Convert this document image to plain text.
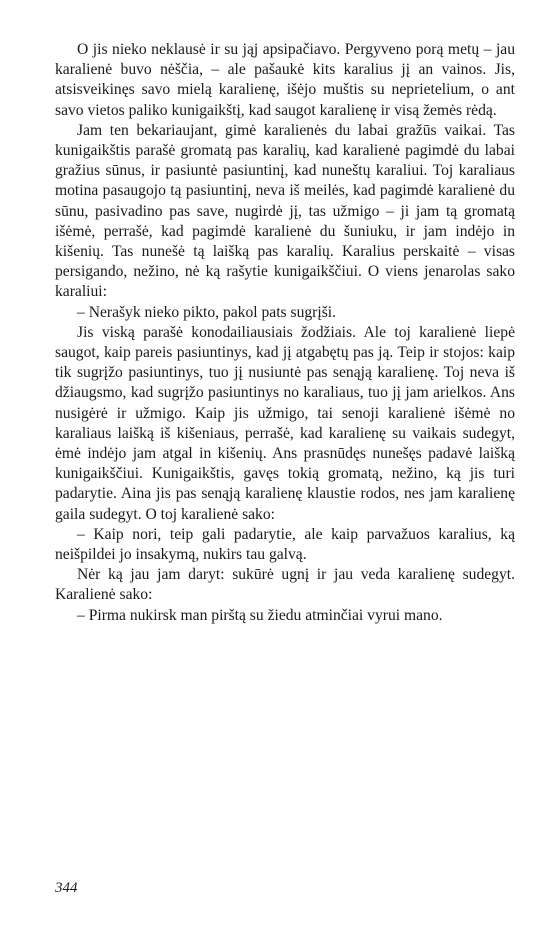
O jis nieko neklausė ir su jąj apsipačiavo. Pergyveno porą metų – jau karalienė buvo nėščia, – ale pašaukė kits karalius jį an vainos. Jis, atsisveikinęs savo mielą karalienę, išėjo muštis su neprietelium, o ant savo vietos paliko kunigaikštį, kad saugot karalienę ir visą žemės rėdą.

Jam ten bekariaujant, gimė karalienės du labai gražūs vaikai. Tas kunigaikštis parašė gromatą pas karalių, kad karalienė pagimdė du labai gražius sūnus, ir pasiuntė pasiuntinį, kad nuneštų karaliui. Toj karaliaus motina pasaugojo tą pasiuntinį, neva iš meilės, kad pagimdė karalienė du sūnu, pasivadino pas save, nugirdė jį, tas užmigo – ji jam tą gromatą išėmė, perrašė, kad pagimdė karalienė du šuniuku, ir jam indėjo in kišenių. Tas nunešė tą laišką pas karalių. Karalius perskaitė – visas persigando, nežino, nė ką rašytie kunigaikščiui. O viens jenarolas sako karaliui:

– Nerašyk nieko pikto, pakol pats sugrįši.

Jis viską parašė konodailiausiais žodžiais. Ale toj karalienė liepė saugot, kaip pareis pasiuntinys, kad jį atgabętų pas ją. Teip ir stojos: kaip tik sugrįžo pasiuntinys, tuo jį nusiuntė pas senąją karalienę. Toj neva iš džiaugsmo, kad sugrįžo pasiuntinys no karaliaus, tuo jį jam arielkos. Ans nusigėrė ir užmigo. Kaip jis užmigo, tai senoji karalienė išėmė no karaliaus laišką iš kišeniaus, perrašė, kad karalienę su vaikais sudegyt, ėmė indėjo jam atgal in kišenių. Ans prasnūdęs nunešęs padavė laišką kunigaikščiui. Kunigaikštis, gavęs tokią gromatą, nežino, ką jis turi padarytie. Aina jis pas senąją karalienę klaustie rodos, nes jam karalienę gaila sudegyt. O toj karalienė sako:

– Kaip nori, teip gali padarytie, ale kaip parvažuos karalius, ką neišpildei jo insakymą, nukirs tau galvą.

Nėr ką jau jam daryt: sukūrė ugnį ir jau veda karalienę sudegyt. Karalienė sako:

– Pirma nukirsk man pirštą su žiedu atminčiai vyrui mano.

344
